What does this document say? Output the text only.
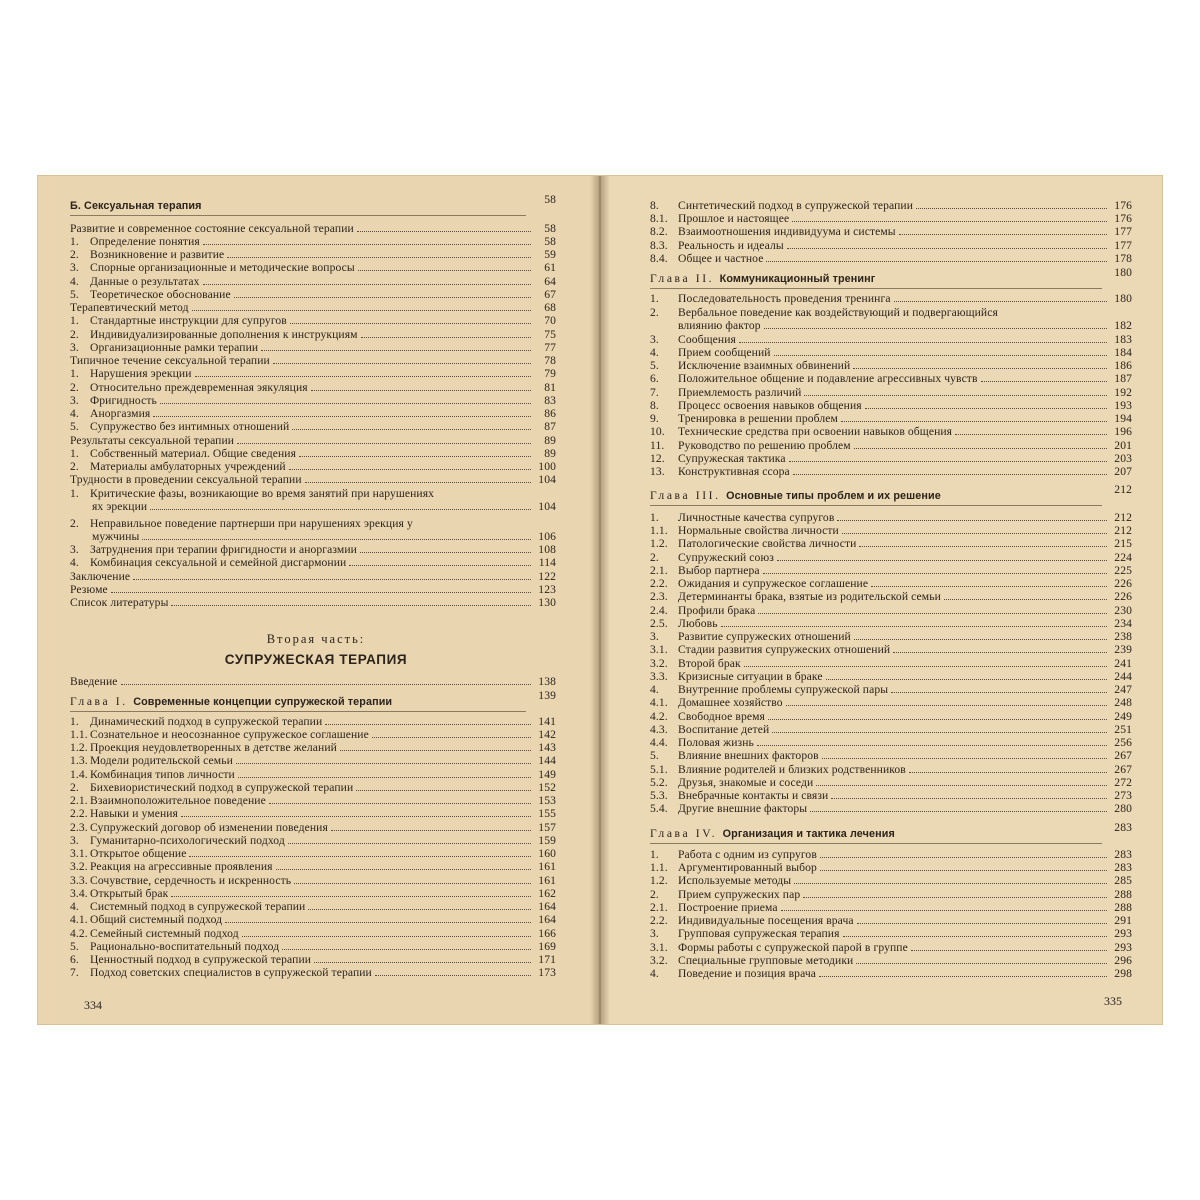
Б. Сексуальная терапия	58
Развитие и современное состояние сексуальной терапии	58
1. Определение понятия	58
2. Возникновение и развитие	59
3. Спорные организационные и методические вопросы	61
4. Данные о результатах	64
5. Теоретическое обоснование	67
Терапевтический метод	68
1. Стандартные инструкции для супругов	70
2. Индивидуализированные дополнения к инструкциям	75
3. Организационные рамки терапии	77
Типичное течение сексуальной терапии	78
1. Нарушения эрекции	79
2. Относительно преждевременная эякуляция	81
3. Фригидность	83
4. Аноргазмия	86
5. Супружество без интимных отношений	87
Результаты сексуальной терапии	89
1. Собственный материал. Общие сведения	89
2. Материалы амбулаторных учреждений	100
Трудности в проведении сексуальной терапии	104
1. Критические фазы, возникающие во время занятий при нарушениях
ях эрекции	104
2. Неправильное поведение партнерши при нарушениях эрекция у
мужчины	106
3. Затруднения при терапии фригидности и аноргазмии	108
4. Комбинация сексуальной и семейной дисгармонии	114
Заключение	122
Резюме	123
Список литературы	130
Введение	138
Глава I. Современные концепции супружеской терапии	139
1. Динамический подход в супружеской терапии	141
1.1. Сознательное и неосознанное супружеское соглашение	142
1.2. Проекция неудовлетворенных в детстве желаний	143
1.3. Модели родительской семьи	144
1.4. Комбинация типов личности	149
2. Бихевиористический подход в супружеской терапии	152
2.1. Взаимноположительное поведение	153
2.2. Навыки и умения	155
2.3. Супружеский договор об изменении поведения	157
3. Гуманитарно-психологический подход	159
3.1. Открытое общение	160
3.2. Реакция на агрессивные проявления	161
3.3. Сочувствие, сердечность и искренность	161
3.4. Открытый брак	162
4. Системный подход в супружеской терапии	164
4.1. Общий системный подход	164
4.2. Семейный системный подход	166
5. Рационально-воспитательный подход	169
6. Ценностный подход в супружеской терапии	171
7. Подход советских специалистов в супружеской терапии	173
8.	Синтетический подход в супружеской терапии	176
8.1. Прошлое и настоящее	176
8.2. Взаимоотношения индивидуума и системы	177
8.3. Реальность и идеалы	177
8.4. Общее и частное	178
Глава II. Коммуникационный тренинг	180
1.	Последовательность проведения тренинга	180
2.	Вербальное поведение как воздействующий и подвергающийся
влиянию фактор	182
3.	Сообщения	183
4.	Прием сообщений	184
5.	Исключение взаимных обвинений	186
6.	Положительное общение и подавление агрессивных чувств	187
7.	Приемлемость различий	192
8.	Процесс освоения навыков общения	193
9.	Тренировка в решении проблем	194
10.	Технические средства при освоении навыков общения	196
11.	Руководство по решению проблем	201
12.	Супружеская тактика	203
13.	Конструктивная ссора	207
Глава III. Основные типы проблем и их решение	212
1.	Личностные качества супругов	212
1.1. Нормальные свойства личности	212
1.2. Патологические свойства личности	215
2.	Супружеский союз	224
2.1. Выбор партнера	225
2.2. Ожидания и супружеское соглашение	226
2.3. Детерминанты брака, взятые из родительской семьи	226
2.4. Профили брака	230
2.5. Любовь	234
3.	Развитие супружеских отношений	238
3.1. Стадии развития супружеских отношений	239
3.2. Второй брак	241
3.3. Кризисные ситуации в браке	244
4.	Внутренние проблемы супружеской пары	247
4.1. Домашнее хозяйство	248
4.2. Свободное время	249
4.3. Воспитание детей	251
4.4. Половая жизнь	256
5.	Влияние внешних факторов	267
5.1. Влияние родителей и близких родственников	267
5.2. Друзья, знакомые и соседи	272
5.3. Внебрачные контакты и связи	273
5.4. Другие внешние факторы	280
Глава IV. Организация и тактика лечения	283
1.	Работа с одним из супругов	283
1.1. Аргументированный выбор	283
1.2. Используемые методы	285
2.	Прием супружеских пар	288
2.1. Построение приема	288
2.2. Индивидуальные посещения врача	291
3.	Групповая супружеская терапия	293
3.1. Формы работы с супружеской парой в группе	293
3.2. Специальные групповые методики	296
4.	Поведение и позиция врача	298
Вторая часть:
СУПРУЖЕСКАЯ ТЕРАПИЯ
334	335
